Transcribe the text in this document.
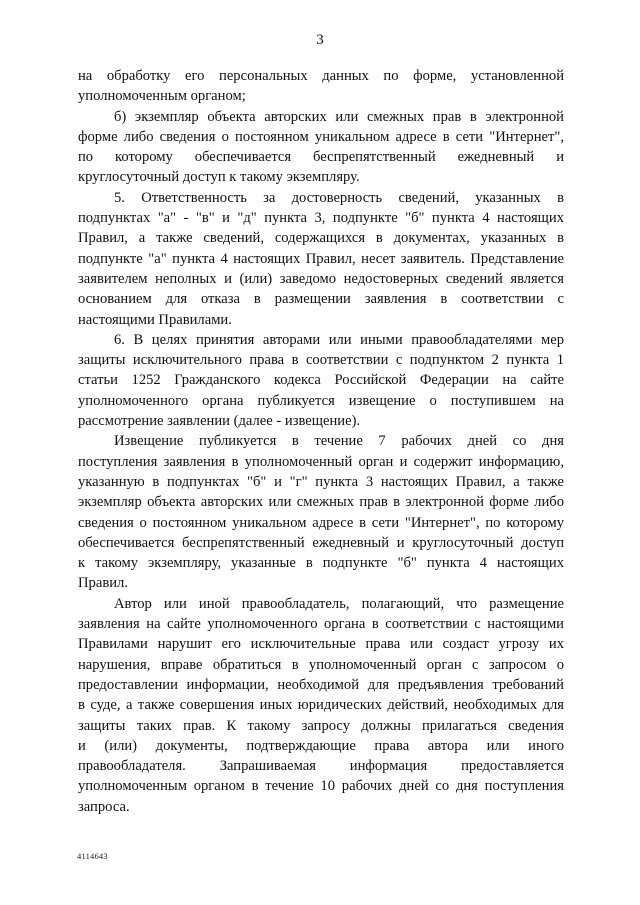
3

на обработку его персональных данных по форме, установленной

уполномоченным органом;

б) экземпляр объекта авторских или смежных прав в электронной

форме либо сведения о постоянном уникальном адресе в сети "Интернет",

по которому обеспечивается беспрепятственный ежедневный и

круглосуточный доступ к такому экземпляру.

5. Ответственность за достоверность сведений, указанных в

подпунктах "а" - "в" и "д" пункта 3, подпункте "б" пункта 4 настоящих

Правил, а также сведений, содержащихся в документах, указанных в

подпункте "а" пункта 4 настоящих Правил, несет заявитель. Представление

заявителем неполных и (или) заведомо недостоверных сведений является

основанием для отказа в размещении заявления в соответствии с

настоящими Правилами.

6. В целях принятия авторами или иными правообладателями мер

защиты исключительного права в соответствии с подпунктом 2 пункта 1

статьи 1252 Гражданского кодекса Российской Федерации на сайте

уполномоченного органа публикуется извещение о поступившем на

рассмотрение заявлении (далее - извещение).

Извещение публикуется в течение 7 рабочих дней со дня

поступления заявления в уполномоченный орган и содержит информацию,

указанную в подпунктах "б" и "г" пункта 3 настоящих Правил, а также

экземпляр объекта авторских или смежных прав в электронной форме либо

сведения о постоянном уникальном адресе в сети "Интернет", по которому

обеспечивается беспрепятственный ежедневный и круглосуточный доступ

к такому экземпляру, указанные в подпункте "б" пункта 4 настоящих

Правил.

Автор или иной правообладатель, полагающий, что размещение

заявления на сайте уполномоченного органа в соответствии с настоящими

Правилами нарушит его исключительные права или создаст угрозу их

нарушения, вправе обратиться в уполномоченный орган с запросом о

предоставлении информации, необходимой для предъявления требований

в суде, а также совершения иных юридических действий, необходимых для

защиты таких прав. К такому запросу должны прилагаться сведения

и (или) документы, подтверждающие права автора или иного

правообладателя. Запрашиваемая информация предоставляется

уполномоченным органом в течение 10 рабочих дней со дня поступления

запроса.

4114643
